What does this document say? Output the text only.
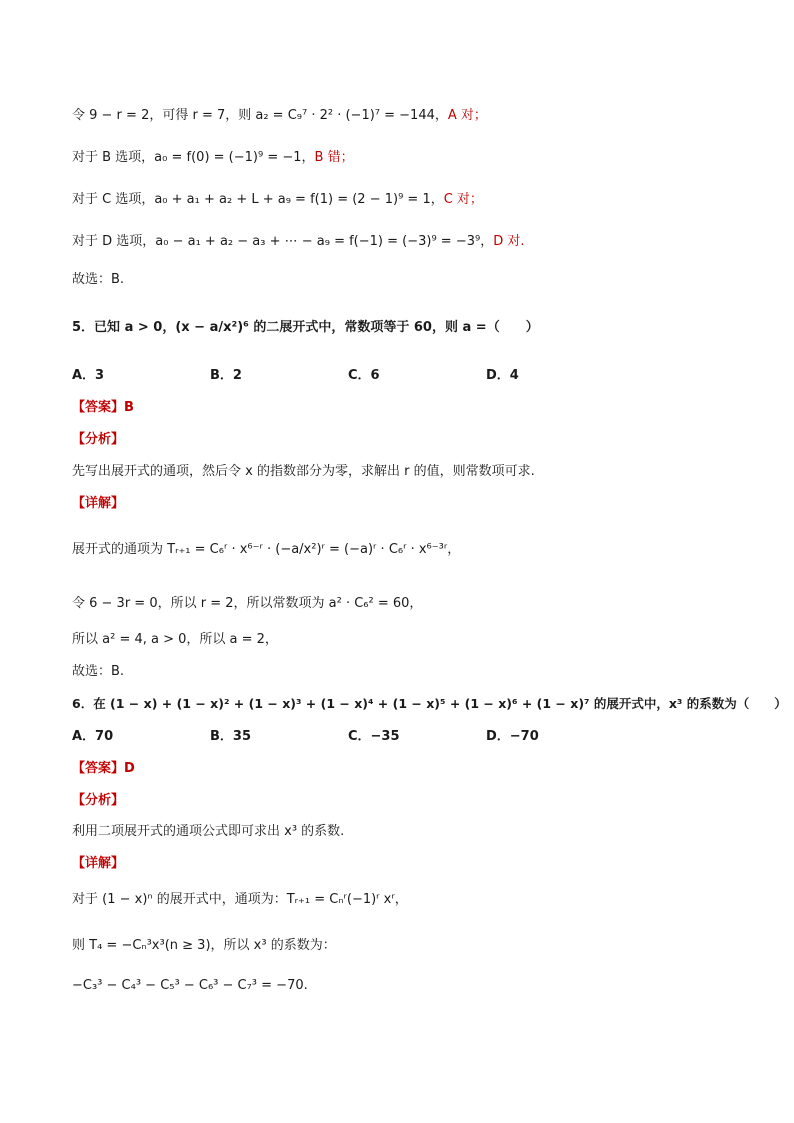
令 9 − r = 2，可得 r = 7，则 a₂ = C₉⁷ · 2² · (−1)⁷ = −144，A 对；
对于 B 选项，a₀ = f(0) = (−1)⁹ = −1，B 错；
对于 C 选项，a₀ + a₁ + a₂ + L + a₉ = f(1) = (2 − 1)⁹ = 1，C 对；
对于 D 选项，a₀ − a₁ + a₂ − a₃ + ⋯ − a₉ = f(−1) = (−3)⁹ = −3⁹，D 对.
故选：B.
5．已知 a > 0，(x − a/x²)⁶ 的二展开式中，常数项等于 60，则 a =（　　）
A．3	B．2	C．6	D．4
【答案】B
【分析】
先写出展开式的通项，然后令 x 的指数部分为零，求解出 r 的值，则常数项可求.
【详解】
展开式的通项为 Tᵣ₊₁ = C₆ʳ · x⁶⁻ʳ · (−a/x²)ʳ = (−a)ʳ · C₆ʳ · x⁶⁻³ʳ，
令 6 − 3r = 0，所以 r = 2，所以常数项为 a² · C₆² = 60，
所以 a² = 4, a > 0，所以 a = 2，
故选：B.
6．在 (1 − x) + (1 − x)² + (1 − x)³ + (1 − x)⁴ + (1 − x)⁵ + (1 − x)⁶ + (1 − x)⁷ 的展开式中，x³ 的系数为（　　）
A．70	B．35	C．−35	D．−70
【答案】D
【分析】
利用二项展开式的通项公式即可求出 x³ 的系数.
【详解】
对于 (1 − x)ⁿ 的展开式中，通项为：Tᵣ₊₁ = Cₙʳ(−1)ʳ xʳ，
则 T₄ = −Cₙ³x³(n ≥ 3)，所以 x³ 的系数为：
−C₃³ − C₄³ − C₅³ − C₆³ − C₇³ = −70.
